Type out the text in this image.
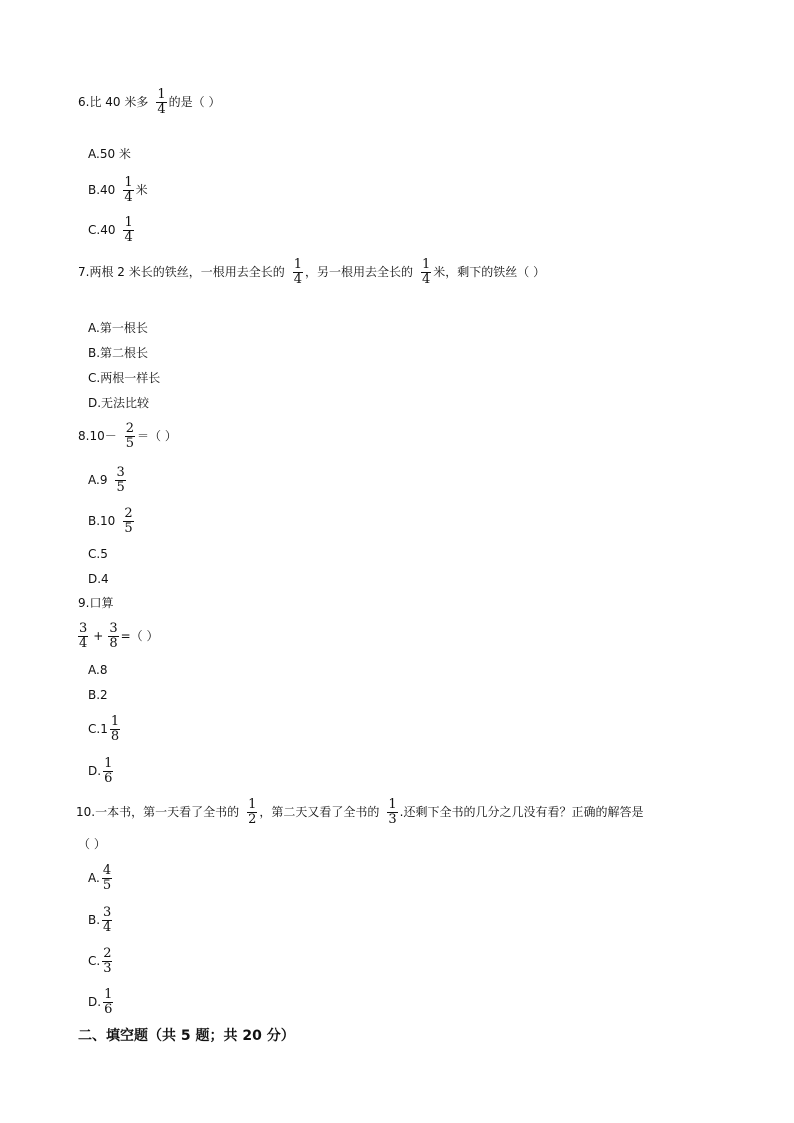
6.比 40 米多
1
4 的是（ ）
A.50 米
B.40
1
4 米
C.40
1
4
7.两根 2 米长的铁丝，一根用去全长的
1
4 ，另一根用去全长的
1
4 米，剩下的铁丝（ ）
A.第一根长
B.第二根长
C.两根一样长
D.无法比较
8.10－
2
5 ＝（ ）
A.9
3
5
B.10
2
5
C.5
D.4
9.口算
3
4 +
3
8 =（ ）
A.8
B.2
C.1
1
8
D.
1
6
10.一本书，第一天看了全书的
1
2 ，第二天又看了全书的
1
3 .还剩下全书的几分之几没有看？正确的解答是
（ ）
A.
4
5
B.
3
4
C.
2
3
D.
1
6
二、填空题（共 5 题；共 20 分）
